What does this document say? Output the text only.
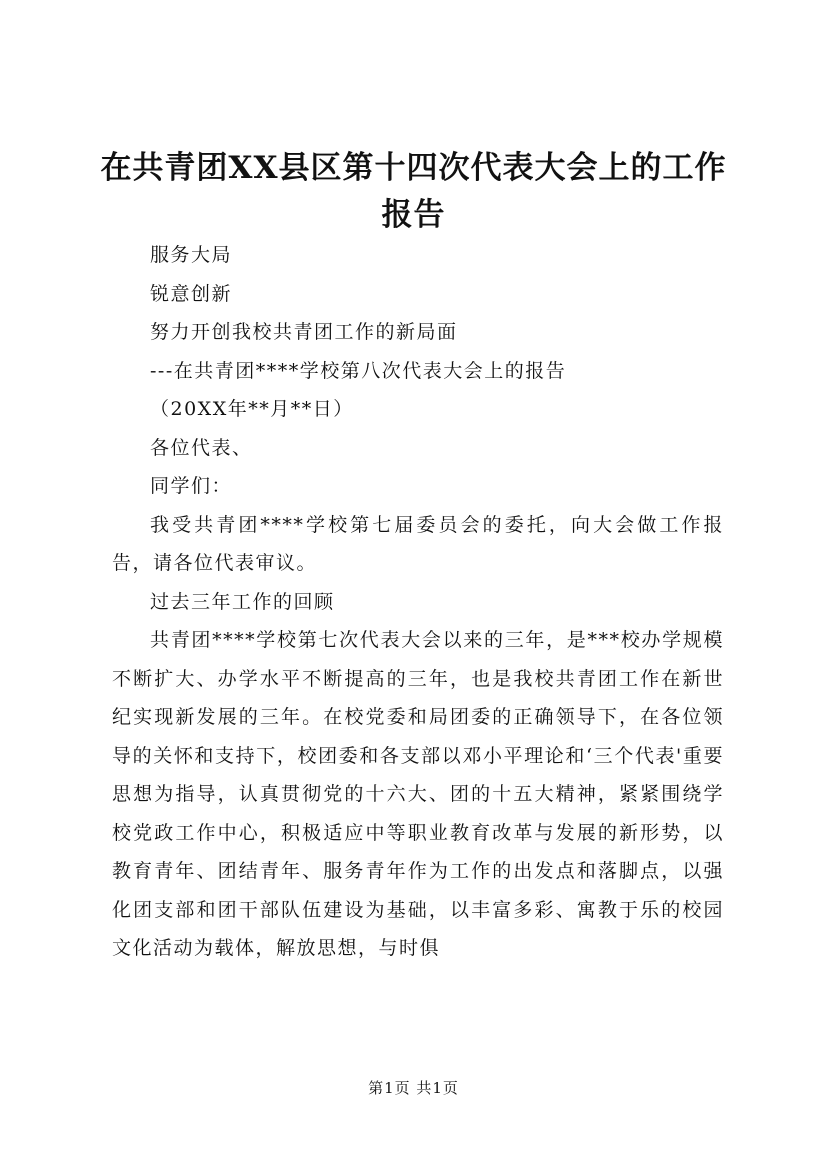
在共青团XX县区第十四次代表大会上的工作
报告

服务大局

锐意创新

努力开创我校共青团工作的新局面

---在共青团****学校第八次代表大会上的报告

（20XX年**月**日）

各位代表、

同学们：

我受共青团****学校第七届委员会的委托，向大会做工作报告，请各位代表审议。

过去三年工作的回顾

共青团****学校第七次代表大会以来的三年，是***校办学规模不断扩大、办学水平不断提高的三年，也是我校共青团工作在新世纪实现新发展的三年。在校党委和局团委的正确领导下，在各位领导的关怀和支持下，校团委和各支部以邓小平理论和‘三个代表'重要思想为指导，认真贯彻党的十六大、团的十五大精神，紧紧围绕学校党政工作中心，积极适应中等职业教育改革与发展的新形势，以教育青年、团结青年、服务青年作为工作的出发点和落脚点，以强化团支部和团干部队伍建设为基础，以丰富多彩、寓教于乐的校园文化活动为载体，解放思想，与时俱

第1页 共1页
